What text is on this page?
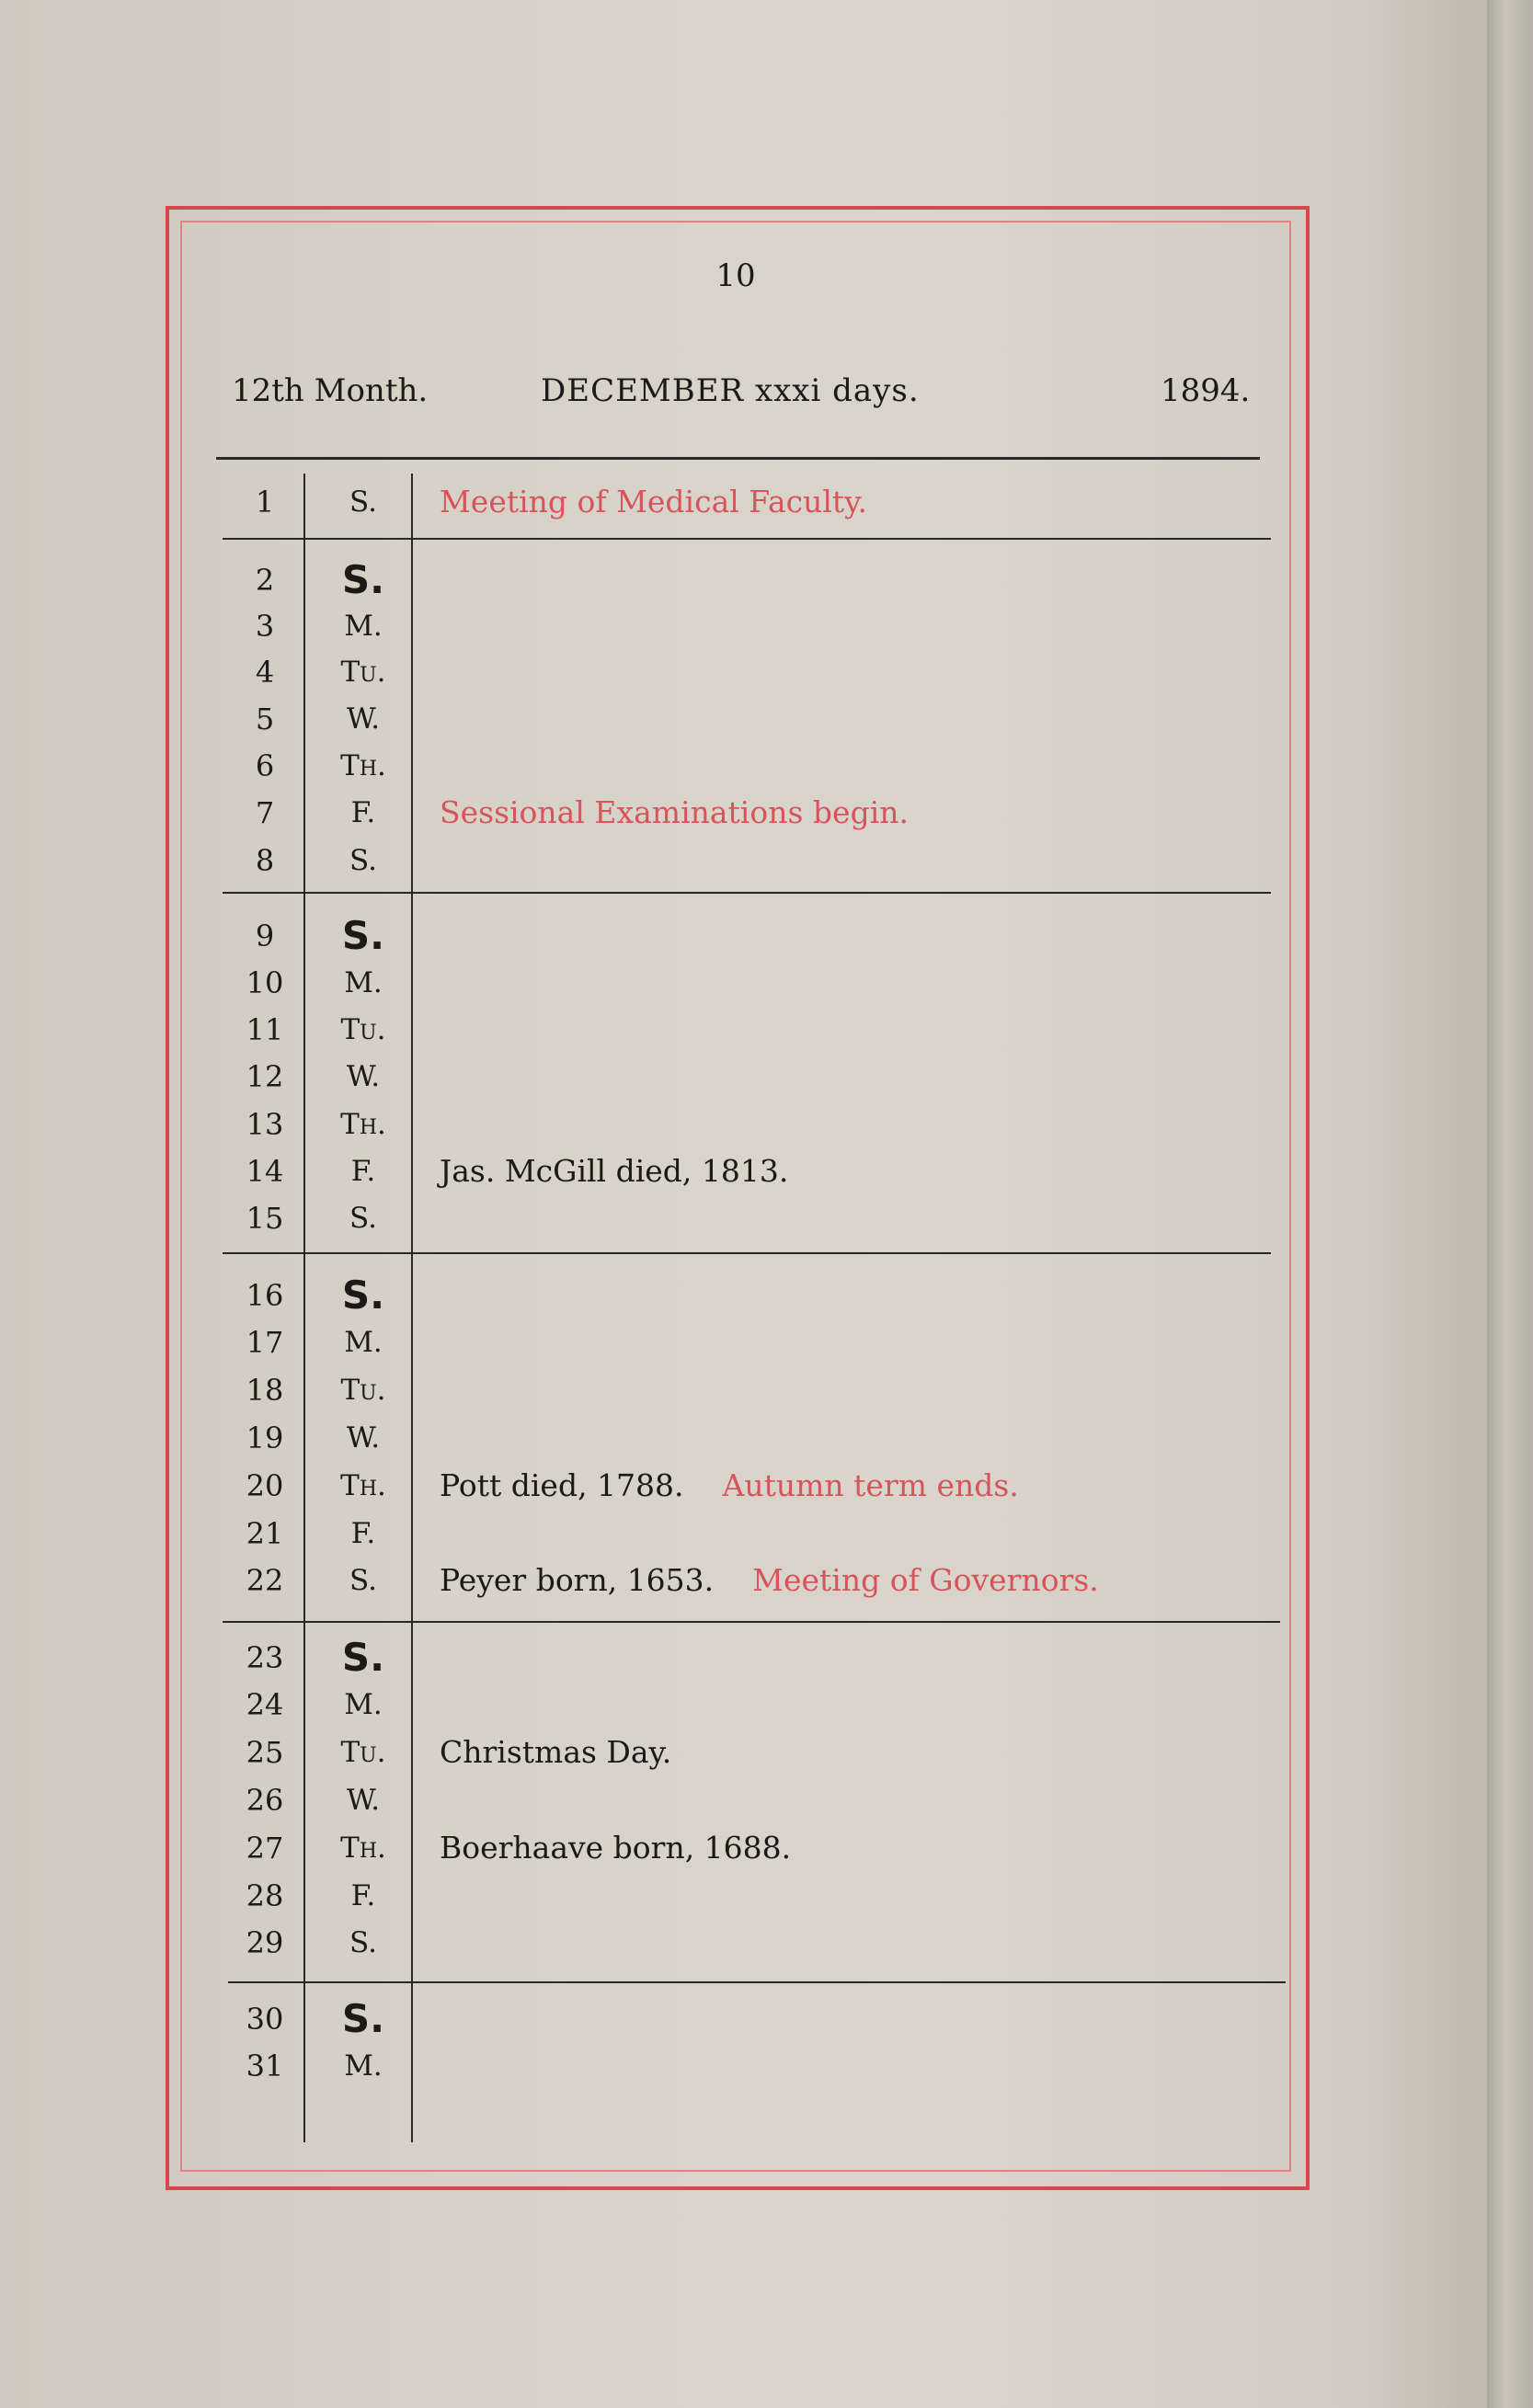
10
12th Month.	DECEMBER xxxi days.	1894.
1	S.	Meeting of Medical Faculty.
2	S.
3	M.
4	Tu.
5	W.
6	Th.
7	F.	Sessional Examinations begin.
8	S.
9	S.
10	M.
11	Tu.
12	W.
13	Th.
14	F.	Jas. McGill died, 1813.
15	S.
16	S.
17	M.
18	Tu.
19	W.
20	Th.	Pott died, 1788. Autumn term ends.
21	F.
22	S.	Peyer born, 1653. Meeting of Governors.
23	S.
24	M.
25	Tu.	Christmas Day.
26	W.
27	Th.	Boerhaave born, 1688.
28	F.
29	S.
30	S.
31	M.
